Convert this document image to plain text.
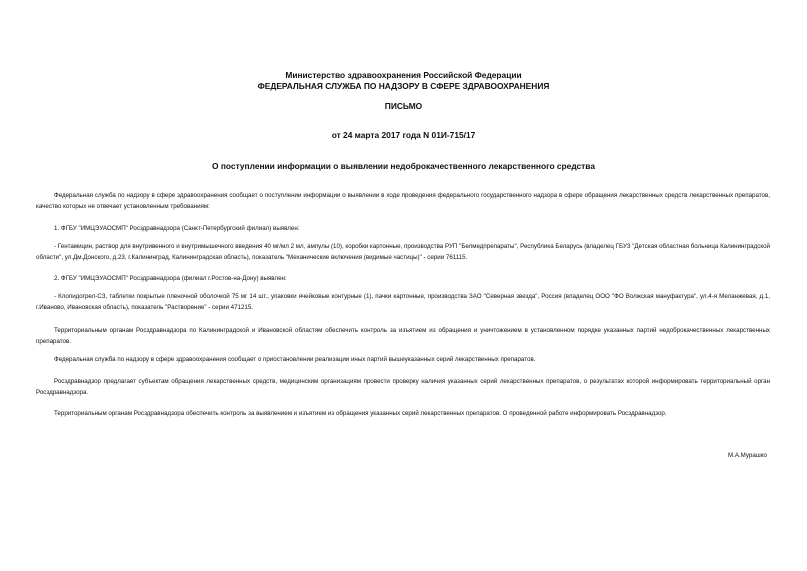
Министерство здравоохранения Российской Федерации
ФЕДЕРАЛЬНАЯ СЛУЖБА ПО НАДЗОРУ В СФЕРЕ ЗДРАВООХРАНЕНИЯ
ПИСЬМО
от 24 марта 2017 года N 01И-715/17
О поступлении информации о выявлении недоброкачественного лекарственного средства

Федеральная служба по надзору в сфере здравоохранения сообщает о поступлении информации о выявлении в ходе проведения федерального государственного надзора в сфере обращения лекарственных средств лекарственных препаратов, качество которых не отвечает установленным требованиям:

1. ФГБУ "ИМЦЭУАОСМП" Росздравнадзора (Санкт-Петербургский филиал) выявлен:

- Гентамицин, раствор для внутривенного и внутримышечного введения 40 мг/мл 2 мл, ампулы (10), коробки картонные, производства РУП "Белмедпрепараты", Республика Беларусь (владелец ГБУЗ "Детская областная больница Калининградской области", ул.Дм.Донского, д.23, г.Калининград, Калининградская область), показатель "Механические включения (видимые частицы)" - серии 761115.

2. ФГБУ "ИМЦЭУАОСМП" Росздравнадзора (филиал г.Ростов-на-Дону) выявлен:

- Клопидогрел-СЗ, таблетки покрытые пленочной оболочкой 75 мг 14 шт., упаковки ячейковые контурные (1), пачки картонные, производства ЗАО "Северная звезда", Россия (владелец ООО "ФО Волжская мануфактура", ул.4-я Меланжевая, д.1, г.Иваново, Ивановская область), показатель "Растворение" - серии 471215.

Территориальным органам Росздравнадзора по Калининградской и Ивановской областям обеспечить контроль за изъятием из обращения и уничтожением в установленном порядке указанных партий недоброкачественных лекарственных препаратов.

Федеральная служба по надзору в сфере здравоохранения сообщает о приостановлении реализации иных партий вышеуказанных серий лекарственных препаратов.

Росздравнадзор предлагает субъектам обращения лекарственных средств, медицинским организациям провести проверку наличия указанных серий лекарственных препаратов, о результатах которой информировать территориальный орган Росздравнадзора.

Территориальным органам Росздравнадзора обеспечить контроль за выявлением и изъятием из обращения указанных серий лекарственных препаратов. О проведенной работе информировать Росздравнадзор.

М.А.Мурашко
